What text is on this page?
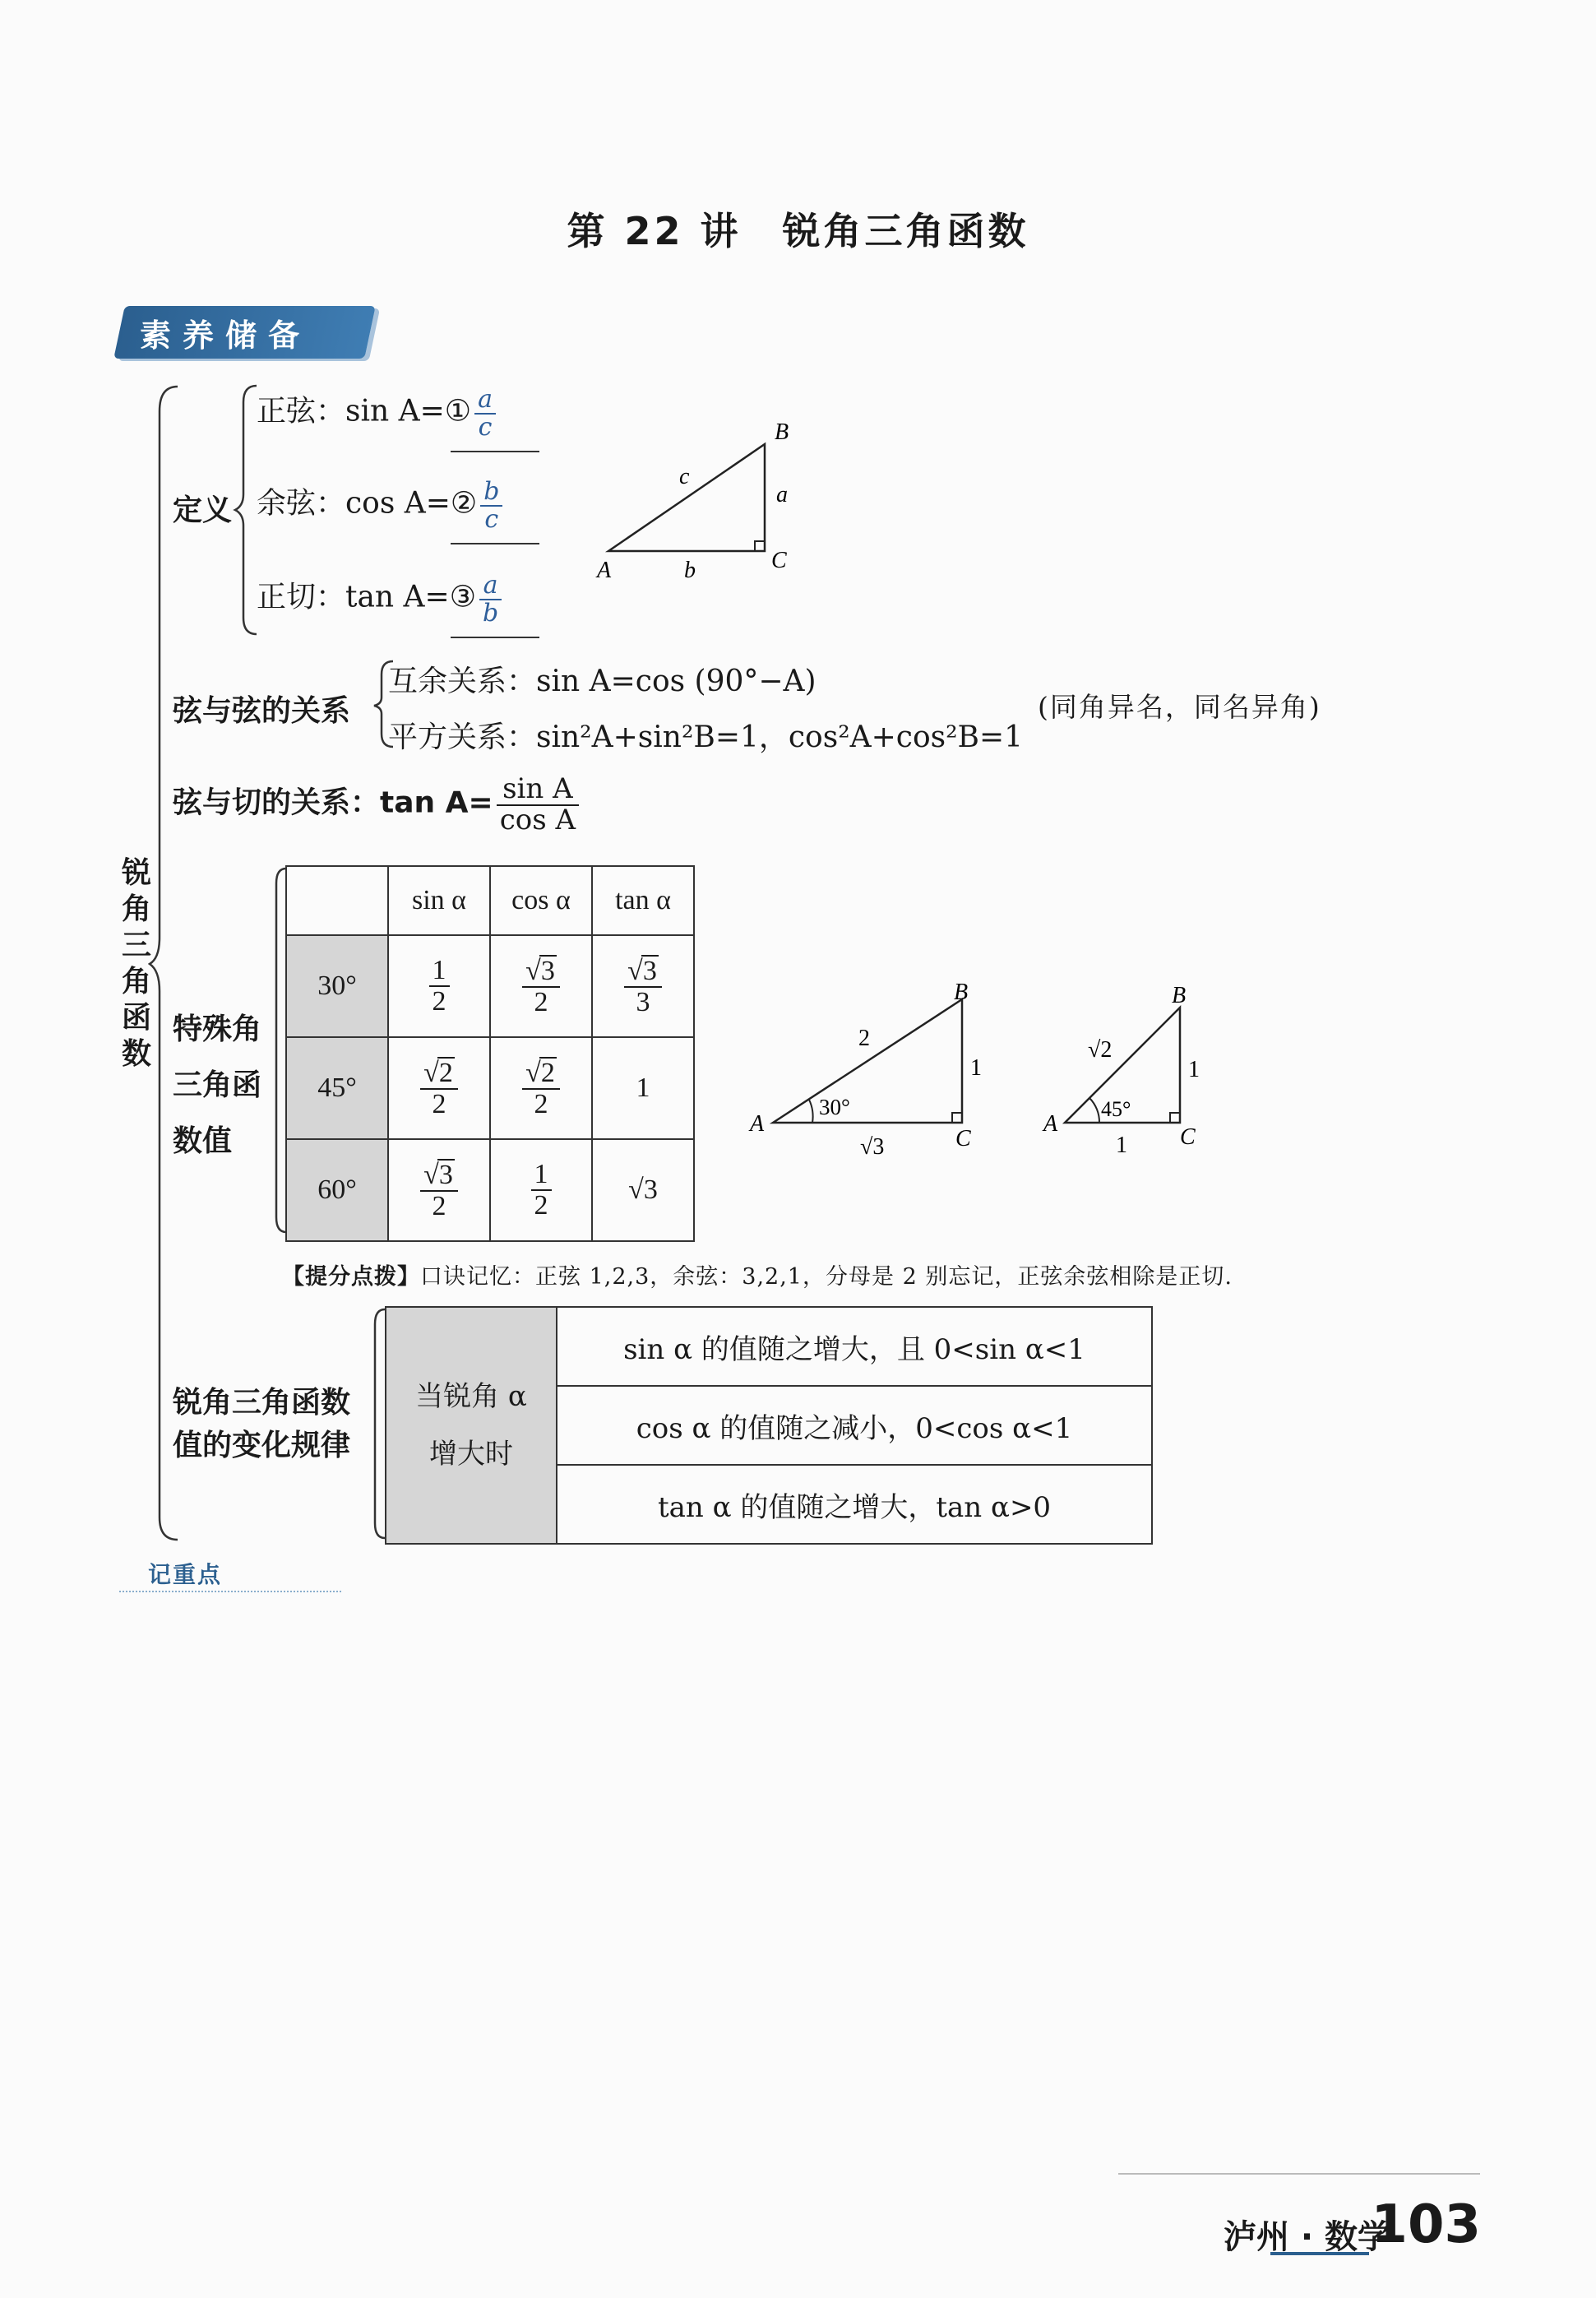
第 22 讲　锐角三角函数
素养储备
锐
角
三
角
函
数
定义
正弦：sin A=① $\frac{a}{c}$
余弦：cos A=② $\frac{b}{c}$
正切：tan A=③ $\frac{a}{b}$
A
B
C
a
b
c
弦与弦的关系
互余关系：sin A=cos (90°−A)
平方关系：sin²A+sin²B=1，cos²A+cos²B=1
(同角异名，同名异角)
弦与切的关系：$\tan A= \frac{\text{sin A}}{\text{cos A}}$
特殊角
三角函
数值
	sin α	cos α	tan α
30°	$\frac{1}{2}$	$\frac{√3}{2}$	$\frac{√3}{3}$

45°	$\frac{√2}{2}$	$\frac{√2}{2}$	1
60°	$\frac{√3}{2}$	$\frac{1}{2}$	√3
30°
A
B
C
2
1
√3
45°
A
B
C
√2
1
1
【提分点拨】口诀记忆：正弦 1,2,3，余弦：3,2,1，分母是 2 别忘记，正弦余弦相除是正切.
锐角三角函数
值的变化规律
当锐角 α
增大时
	sin α 的值随之增大，且 0<sin α<1
cos α 的值随之减小，0<cos α<1
tan α 的值随之增大，tan α>0
记重点
泸州 · 数学
103
